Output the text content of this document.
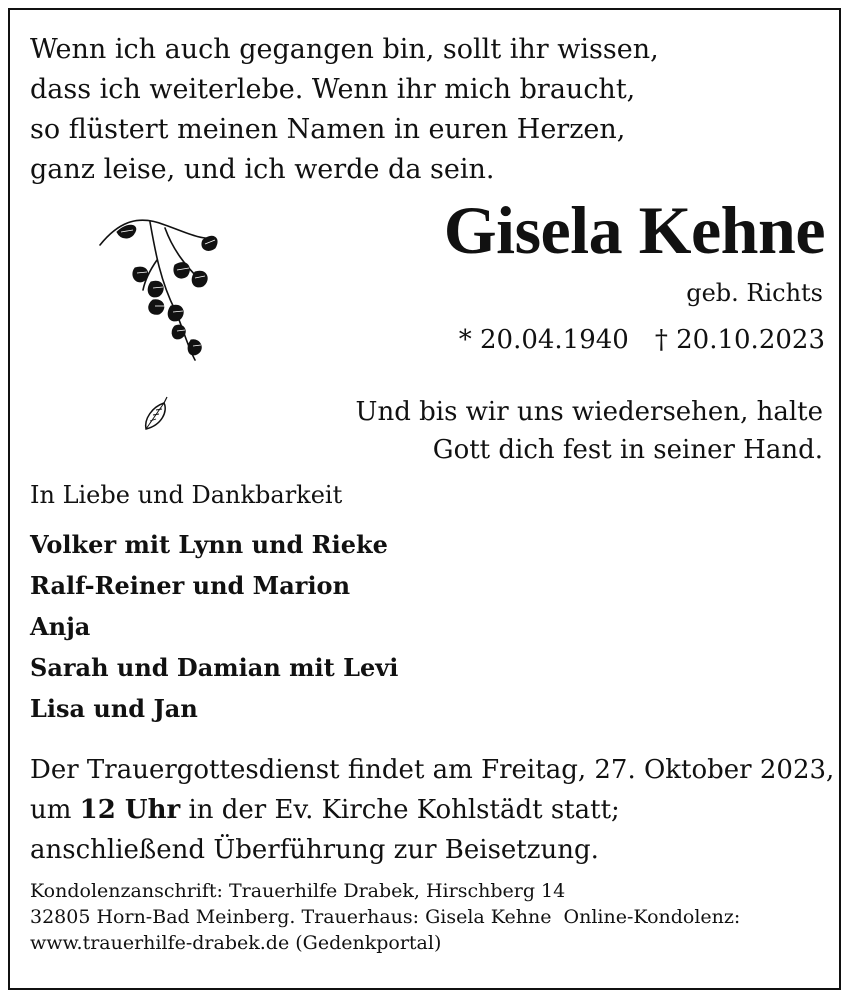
Wenn ich auch gegangen bin, sollt ihr wissen,
dass ich weiterlebe. Wenn ihr mich braucht,
so flüstert meinen Namen in euren Herzen,
ganz leise, und ich werde da sein.
Gisela Kehne
geb. Richts
* 20.04.1940 † 20.10.2023
Und bis wir uns wiedersehen, halte
Gott dich fest in seiner Hand.
In Liebe und Dankbarkeit
Volker mit Lynn und Rieke
Ralf-Reiner und Marion
Anja
Sarah und Damian mit Levi
Lisa und Jan
Der Trauergottesdienst findet am Freitag, 27. Oktober 2023,
um 12 Uhr in der Ev. Kirche Kohlstädt statt;
anschließend Überführung zur Beisetzung.
Kondolenzanschrift: Trauerhilfe Drabek, Hirschberg 14
32805 Horn-Bad Meinberg. Trauerhaus: Gisela Kehne  Online-Kondolenz:
www.trauerhilfe-drabek.de (Gedenkportal)
